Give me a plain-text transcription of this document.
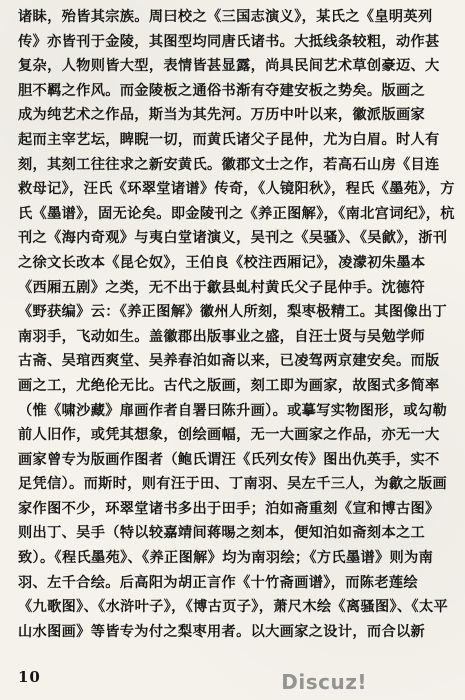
诸眛，殆皆其宗族。周曰校之《三国志演义》，某氏之《皇明英列
传》亦皆刊于金陵，其图型均同唐氏诸书。大抵线条较粗，动作甚
复杂，人物则皆大型，表情皆甚显露，尚具民间艺术草创豪迈、大
胆不羁之作风。而金陵板之通俗书渐有夺建安板之势矣。版画之
成为纯艺术之作品，斯当为其先河。万历中叶以来，徽派版画家
起而主宰艺坛，睥睨一切，而黄氏诸父子昆仲，尤为白眉。时人有
刻，其刻工往往求之新安黄氏。徽郡文士之作，若高石山房《目连
救母记》，汪氏《环翠堂诸谱》传奇，《人镜阳秋》，程氏《墨苑》，方
氏《墨谱》，固无论矣。即金陵刊之《养正图解》，《南北宫词纪》，杭
刊之《海内奇观》与夷白堂诸演义，吴刊之《吴骚》、《吴歈》，浙刊
之徐文长改本《昆仑奴》，王伯良《校注西厢记》，凌濛初朱墨本
《西厢五剧》之类，无不出于歙县虬村黄氏父子昆仲手。沈德符
《野获编》云：《养正图解》徽州人所刻，梨枣极精工。其图像出丁
南羽手，飞动如生。盖徽郡出版事业之盛，自汪士贤与吴勉学师
古斋、吴琯西爽堂、吴养春泊如斋以来，已凌驾两京建安矣。而版
画之工，尤绝伦无比。古代之版画，刻工即为画家，故图式多简率
（惟《啸沙藏》扉画作者自署曰陈升画）。或摹写实物图形，或勾勒
前人旧作，或凭其想象，创绘画幅，无一大画家之作品，亦无一大
画家曾专为版画作图者（鲍氏谓汪《氏列女传》图出仇英手，实不
足凭信）。而斯时，则有汪于田、丁南羽、吴左千三人，为歙之版画
家作图不少，环翠堂诸书多出于田手；泊如斋重刻《宣和博古图》
则出丁、吴手（特以较嘉靖间蒋晹之刻本，便知泊如斋刻本之工
致）。《程氏墨苑》、《养正图解》均为南羽绘；《方氏墨谱》则为南
羽、左千合绘。后高阳为胡正言作《十竹斋画谱》，而陈老莲绘
《九歌图》、《水浒叶子》，《博古页子》，萧尺木绘《离骚图》、《太平
山水图画》等皆专为付之梨枣用者。以大画家之设计，而合以新
10	Discuz!
